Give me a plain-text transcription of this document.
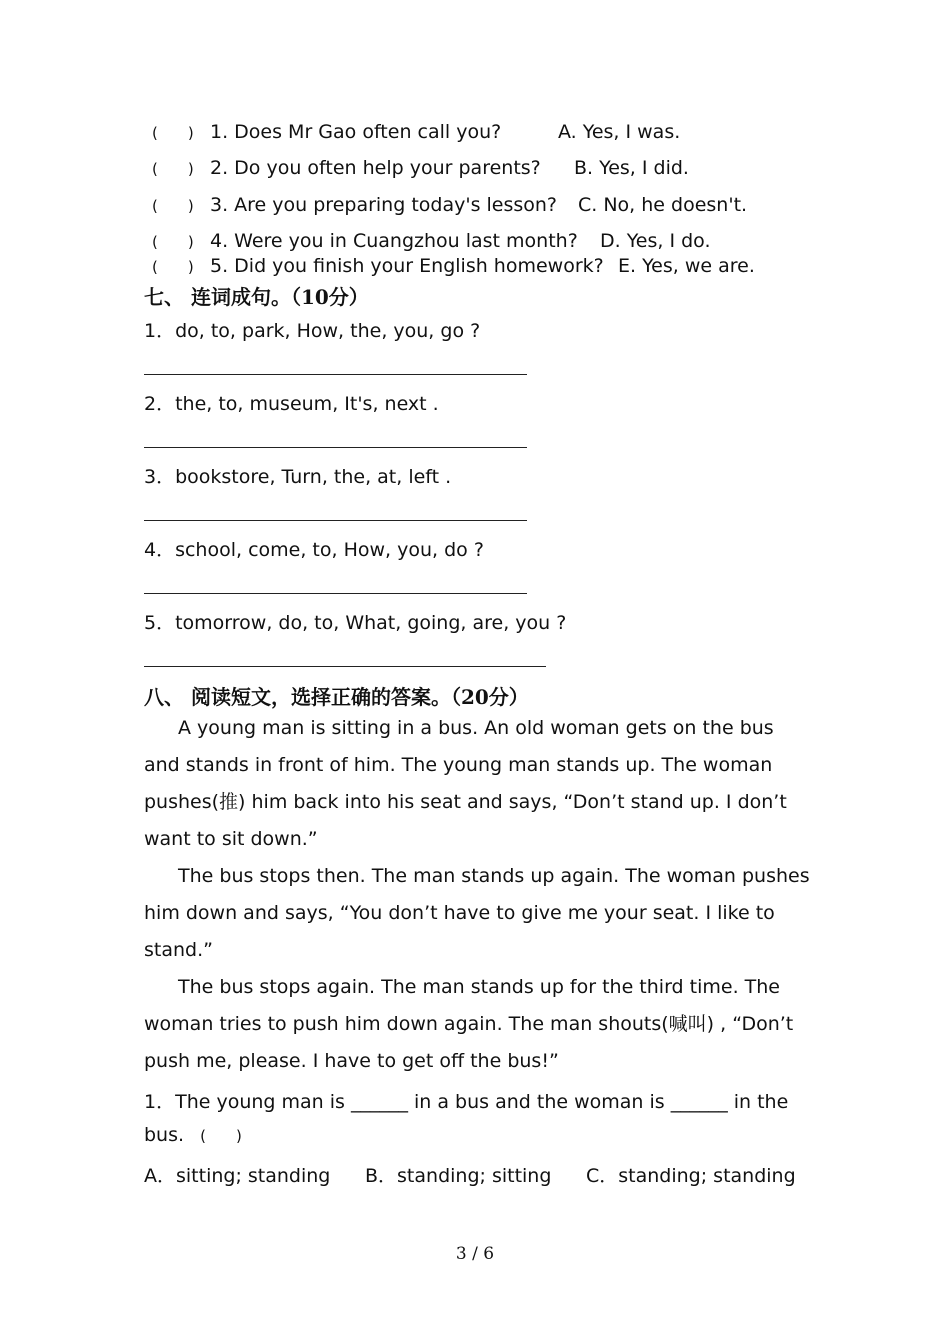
(　　) 1. Does Mr Gao often call you?	A. Yes, I was.
(　　) 2. Do you often help your parents? B. Yes, I did.
(　　) 3. Are you preparing today's lesson? C. No, he doesn't.
(　　) 4. Were you in Cuangzhou last month? D. Yes, I do.
(　　) 5. Did you finish your English homework? E. Yes, we are.
七、 连词成句。（10分）
1．do, to, park, How, the, you, go ?
2．the, to, museum, It's, next .
3．bookstore, Turn, the, at, left .
4．school, come, to, How, you, do ?
5．tomorrow, do, to, What, going, are, you ?
八、 阅读短文，选择正确的答案。（20分）
A young man is sitting in a bus. An old woman gets on the bus and stands in front of him. The young man stands up. The woman pushes(推) him back into his seat and says, “Don’t stand up. I don’t want to sit down.”
The bus stops then. The man stands up again. The woman pushes him down and says, “You don’t have to give me your seat. I like to stand.”
The bus stops again. The man stands up for the third time. The woman tries to push him down again. The man shouts(喊叫) , “Don’t push me, please. I have to get off the bus!”
1．The young man is ______ in a bus and the woman is ______ in the
bus. (　　)
A．sitting; standing B．standing; sitting C．standing; standing
3 / 6
